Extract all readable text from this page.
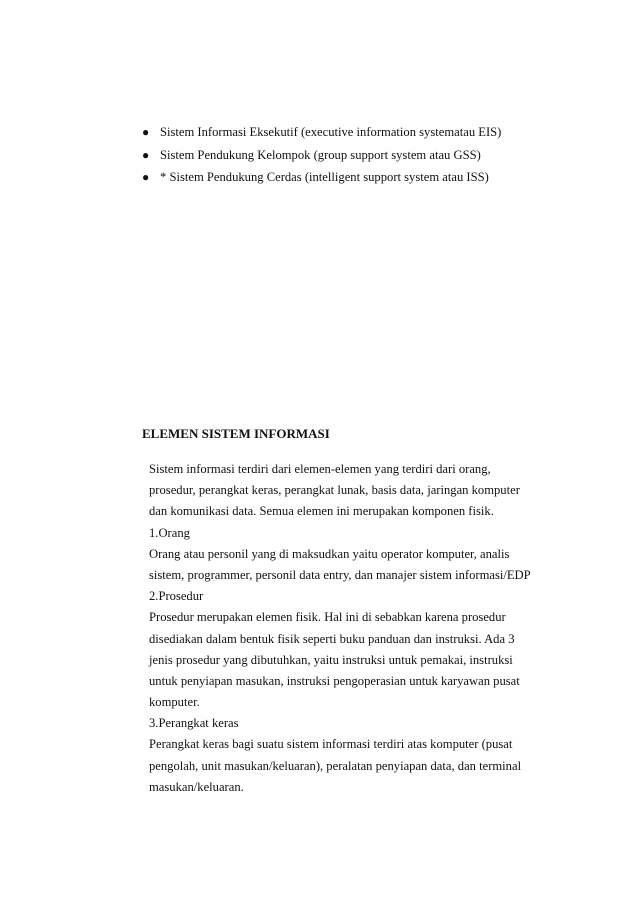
● Sistem Informasi Eksekutif (executive information systematau EIS)
● Sistem Pendukung Kelompok (group support system atau GSS)
● * Sistem Pendukung Cerdas (intelligent support system atau ISS)
ELEMEN SISTEM INFORMASI
Sistem informasi terdiri dari elemen-elemen yang terdiri dari orang,
prosedur, perangkat keras, perangkat lunak, basis data, jaringan komputer
dan komunikasi data. Semua elemen ini merupakan komponen fisik.
1.Orang
Orang atau personil yang di maksudkan yaitu operator komputer, analis
sistem, programmer, personil data entry, dan manajer sistem informasi/EDP
2.Prosedur
Prosedur merupakan elemen fisik. Hal ini di sebabkan karena prosedur
disediakan dalam bentuk fisik seperti buku panduan dan instruksi. Ada 3
jenis prosedur yang dibutuhkan, yaitu instruksi untuk pemakai, instruksi
untuk penyiapan masukan, instruksi pengoperasian untuk karyawan pusat
komputer.
3.Perangkat keras
Perangkat keras bagi suatu sistem informasi terdiri atas komputer (pusat
pengolah, unit masukan/keluaran), peralatan penyiapan data, dan terminal
masukan/keluaran.
